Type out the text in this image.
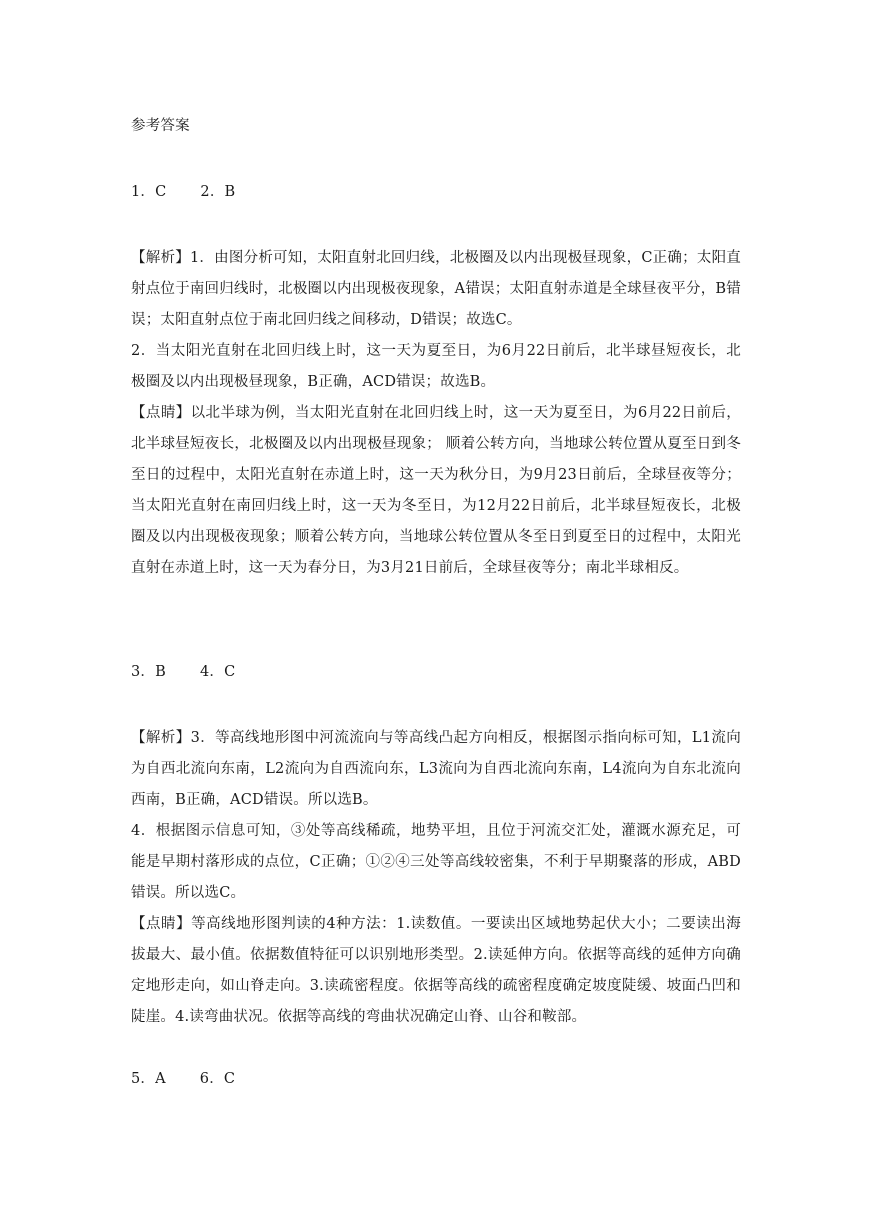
参考答案

1．C 2．B

【解析】1．由图分析可知，太阳直射北回归线，北极圈及以内出现极昼现象，C正确；太阳直射点位于南回归线时，北极圈以内出现极夜现象，A错误；太阳直射赤道是全球昼夜平分，B错误；太阳直射点位于南北回归线之间移动，D错误；故选C。

2．当太阳光直射在北回归线上时，这一天为夏至日，为6月22日前后，北半球昼短夜长，北极圈及以内出现极昼现象，B正确，ACD错误；故选B。

【点睛】以北半球为例，当太阳光直射在北回归线上时，这一天为夏至日，为6月22日前后，北半球昼短夜长，北极圈及以内出现极昼现象； 顺着公转方向，当地球公转位置从夏至日到冬至日的过程中，太阳光直射在赤道上时，这一天为秋分日，为9月23日前后，全球昼夜等分；当太阳光直射在南回归线上时，这一天为冬至日，为12月22日前后，北半球昼短夜长，北极圈及以内出现极夜现象；顺着公转方向，当地球公转位置从冬至日到夏至日的过程中，太阳光直射在赤道上时，这一天为春分日，为3月21日前后，全球昼夜等分；南北半球相反。

3．B 4．C

【解析】3．等高线地形图中河流流向与等高线凸起方向相反，根据图示指向标可知，L1流向为自西北流向东南，L2流向为自西流向东，L3流向为自西北流向东南，L4流向为自东北流向西南，B正确，ACD错误。所以选B。

4．根据图示信息可知，③处等高线稀疏，地势平坦，且位于河流交汇处，灌溉水源充足，可能是早期村落形成的点位，C正确；①②④三处等高线较密集，不利于早期聚落的形成，ABD错误。所以选C。

【点睛】等高线地形图判读的4种方法：1.读数值。一要读出区域地势起伏大小；二要读出海拔最大、最小值。依据数值特征可以识别地形类型。2.读延伸方向。依据等高线的延伸方向确定地形走向，如山脊走向。3.读疏密程度。依据等高线的疏密程度确定坡度陡缓、坡面凸凹和陡崖。4.读弯曲状况。依据等高线的弯曲状况确定山脊、山谷和鞍部。

5．A 6．C
